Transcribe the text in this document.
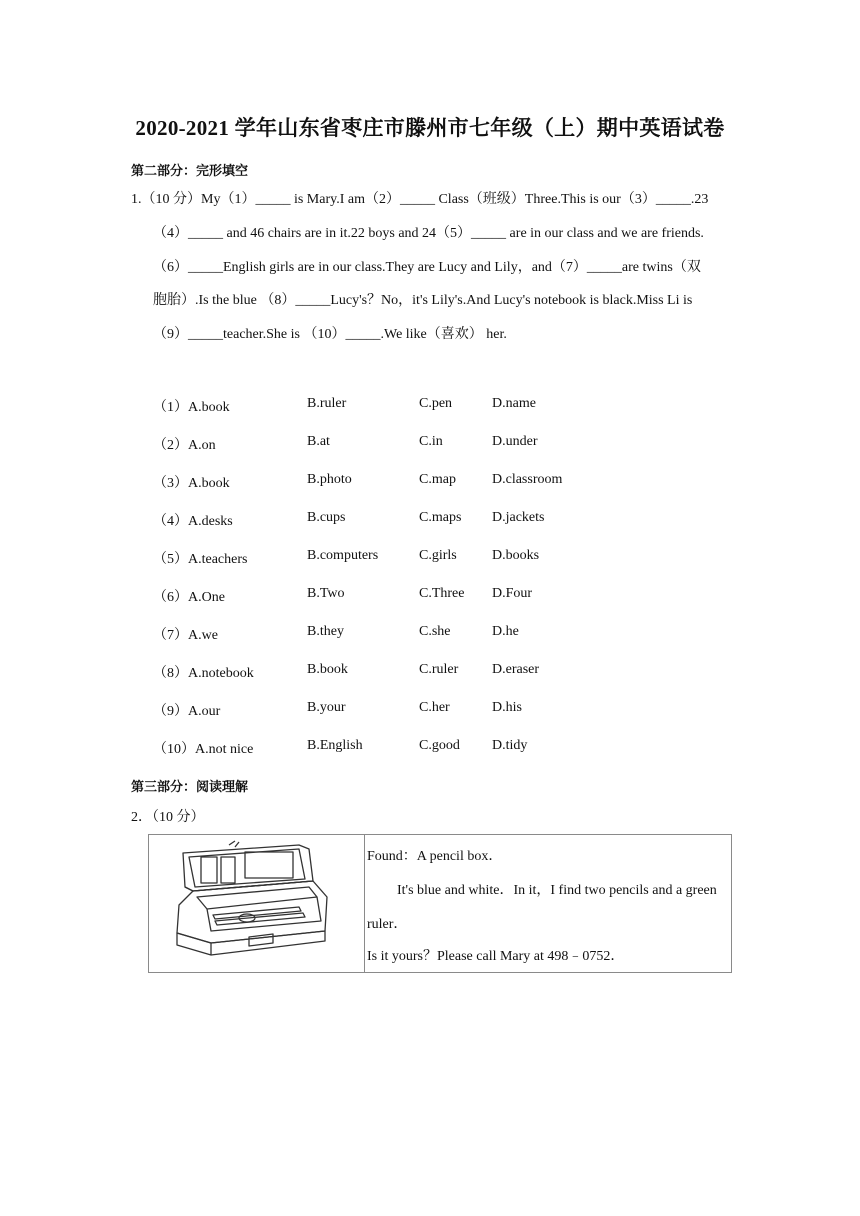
2020-2021 学年山东省枣庄市滕州市七年级（上）期中英语试卷
第二部分：完形填空
1.（10 分）My（1）_____ is Mary.I am（2）_____ Class（班级）Three.This is our（3）_____.23
（4）_____ and 46 chairs are in it.22 boys and 24（5）_____ are in our class and we are friends.
（6）_____English girls are in our class.They are Lucy and Lily，and（7）_____are twins（双
胞胎）.Is the blue （8）_____Lucy's？No，it's Lily's.And Lucy's notebook is black.Miss Li is
（9）_____teacher.She is （10）_____.We like（喜欢） her.
（1）A.book	B.ruler	C.pen	D.name
（2）A.on	B.at	C.in	D.under
（3）A.book	B.photo	C.map	D.classroom
（4）A.desks	B.cups	C.maps D.jackets
（5）A.teachers	B.computers	C.girls	D.books
（6）A.One	B.Two	C.Three D.Four
（7）A.we	B.they	C.she	D.he
（8）A.notebook	B.book	C.ruler D.eraser
（9）A.our	B.your	C.her	D.his
（10）A.not nice	B.English	C.good D.tidy
第三部分：阅读理解
2．（10 分）
Found：A pencil box．
It's blue and white．In it，I find two pencils and a green
ruler．
Is it yours？Please call Mary at 498﹣0752．
